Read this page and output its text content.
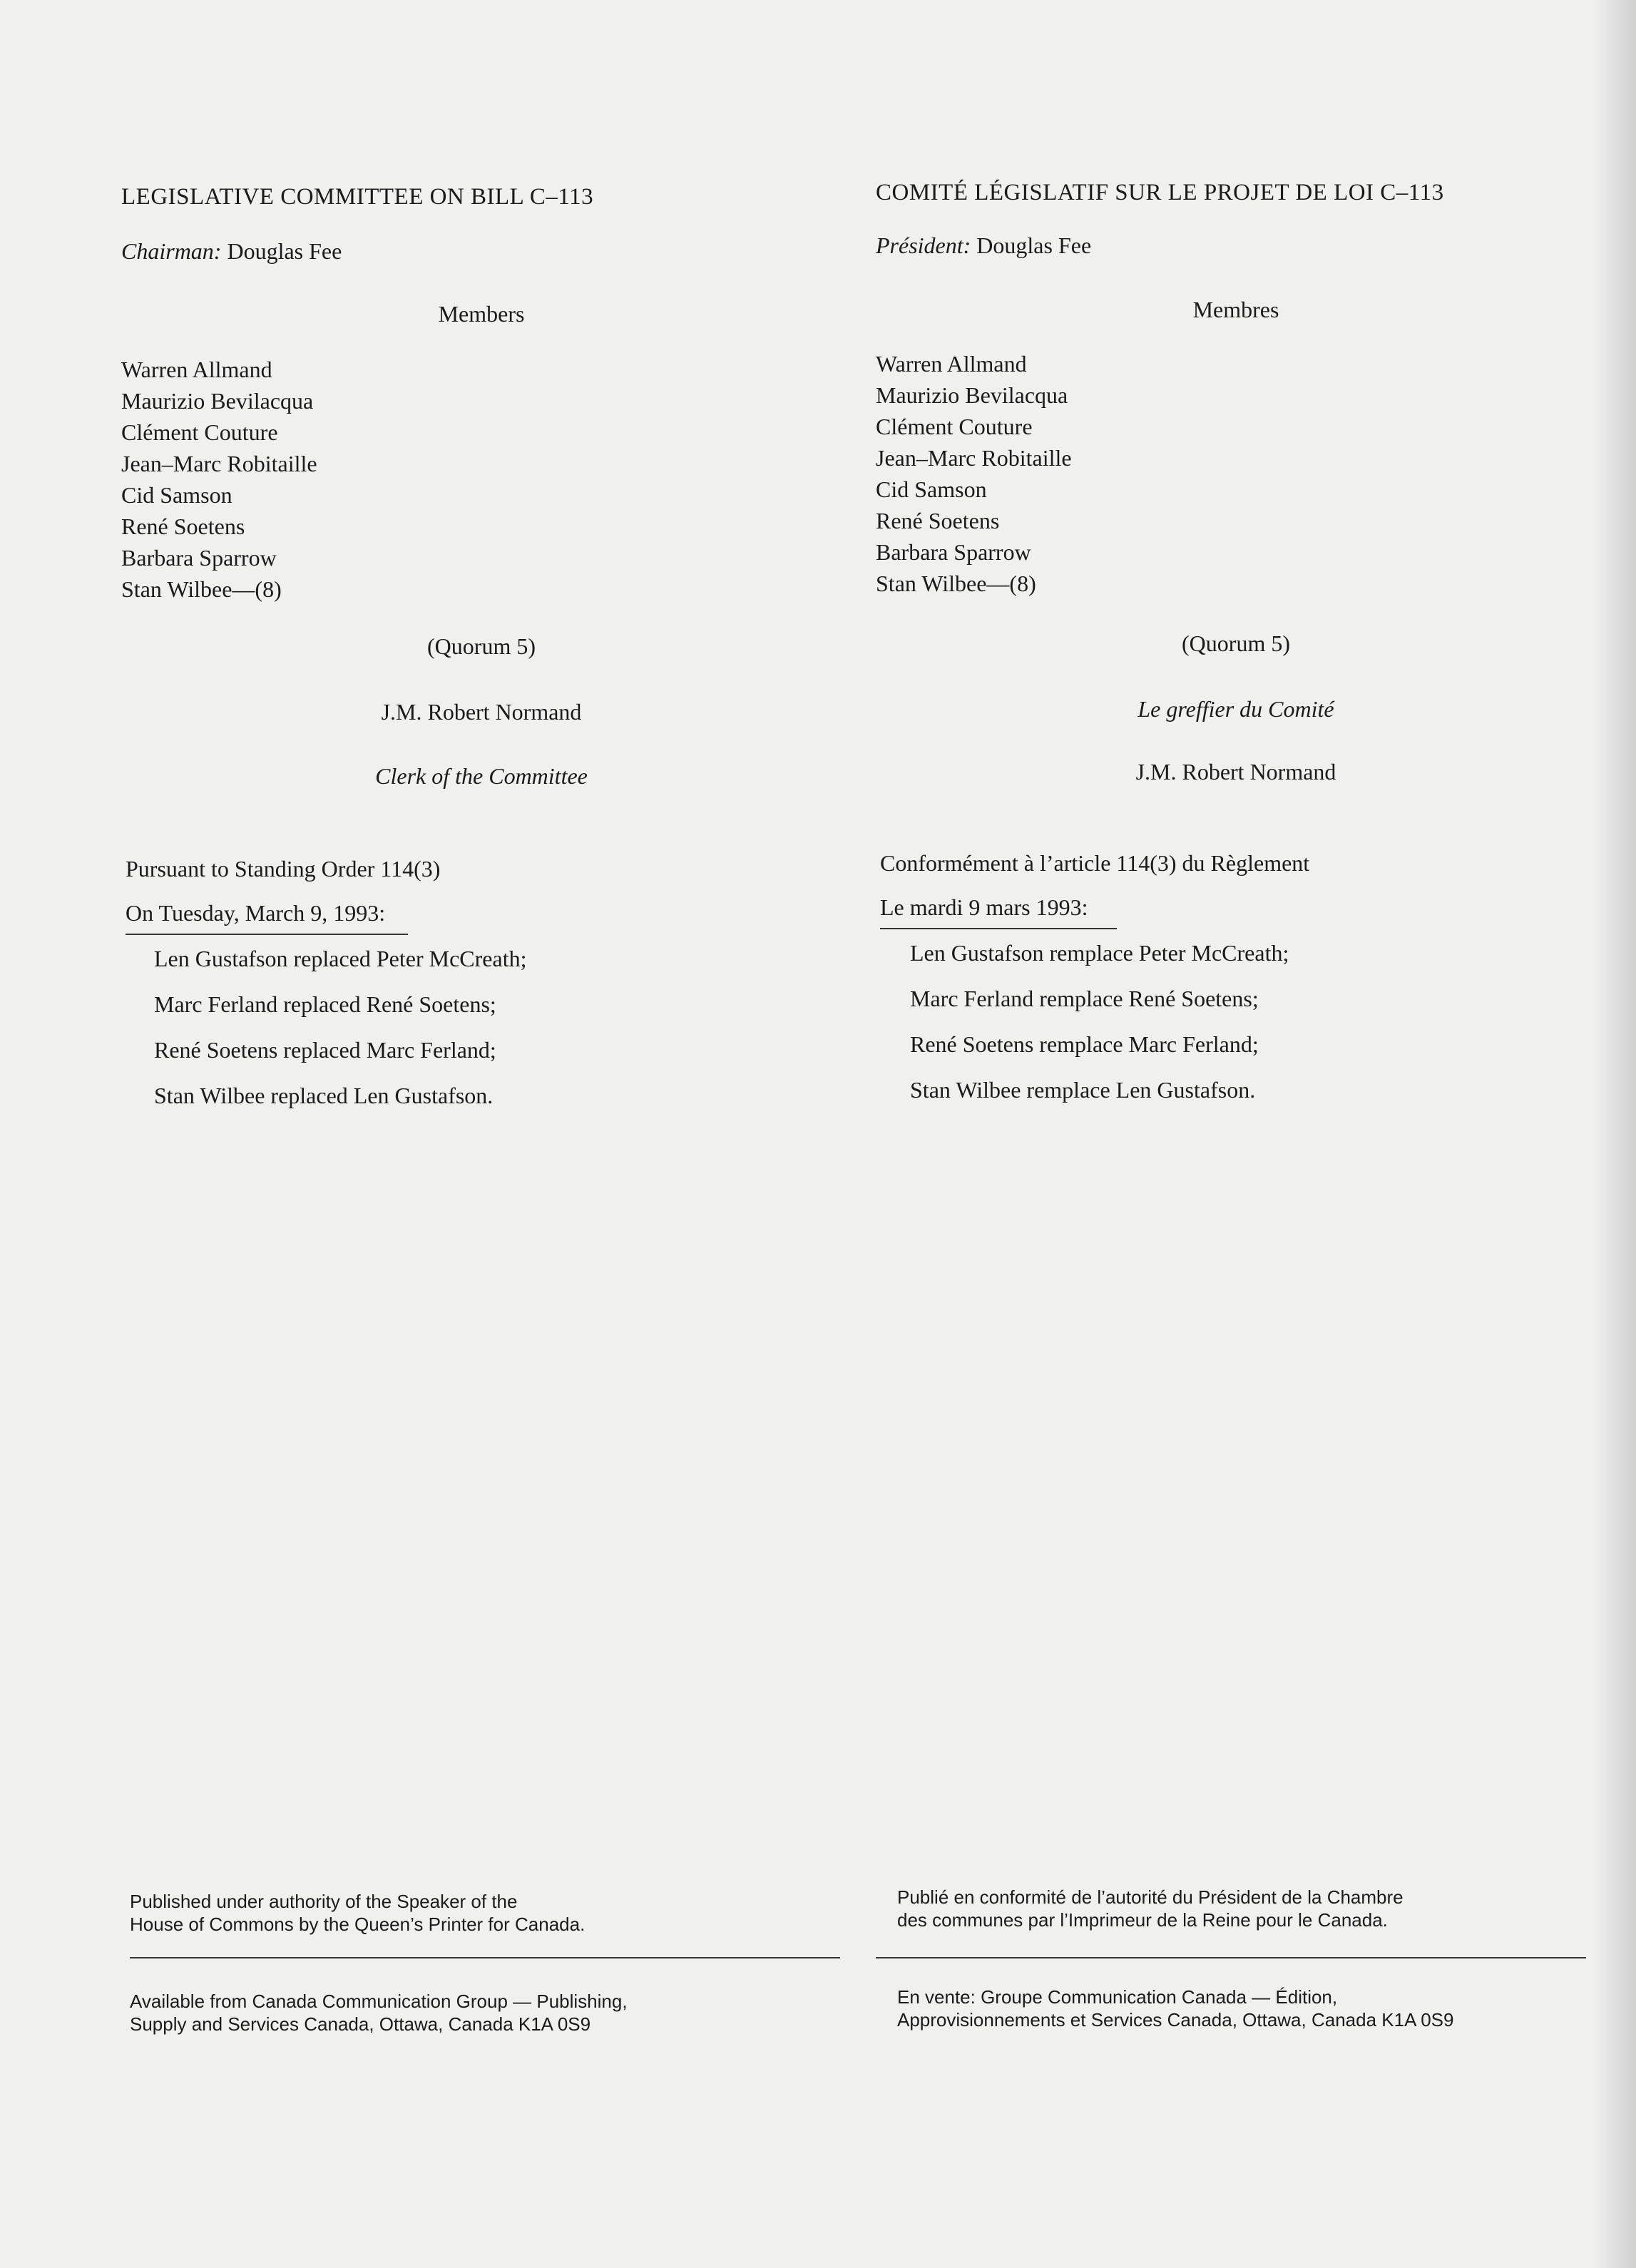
LEGISLATIVE COMMITTEE ON BILL C–113
Chairman: Douglas Fee
Members
Warren Allmand
Maurizio Bevilacqua
Clément Couture
Jean–Marc Robitaille
Cid Samson
René Soetens
Barbara Sparrow
Stan Wilbee—(8)
(Quorum 5)
J.M. Robert Normand
Clerk of the Committee
Pursuant to Standing Order 114(3)
On Tuesday, March 9, 1993:
Len Gustafson replaced Peter McCreath;
Marc Ferland replaced René Soetens;
René Soetens replaced Marc Ferland;
Stan Wilbee replaced Len Gustafson.
Published under authority of the Speaker of the
House of Commons by the Queen’s Printer for Canada.
Available from Canada Communication Group — Publishing,
Supply and Services Canada, Ottawa, Canada K1A 0S9
COMITÉ LÉGISLATIF SUR LE PROJET DE LOI C–113
Président: Douglas Fee
Membres
Warren Allmand
Maurizio Bevilacqua
Clément Couture
Jean–Marc Robitaille
Cid Samson
René Soetens
Barbara Sparrow
Stan Wilbee—(8)
(Quorum 5)
Le greffier du Comité
J.M. Robert Normand
Conformément à l’article 114(3) du Règlement
Le mardi 9 mars 1993:
Len Gustafson remplace Peter McCreath;
Marc Ferland remplace René Soetens;
René Soetens remplace Marc Ferland;
Stan Wilbee remplace Len Gustafson.
Publié en conformité de l’autorité du Président de la Chambre
des communes par l’Imprimeur de la Reine pour le Canada.
En vente: Groupe Communication Canada — Édition,
Approvisionnements et Services Canada, Ottawa, Canada K1A 0S9
